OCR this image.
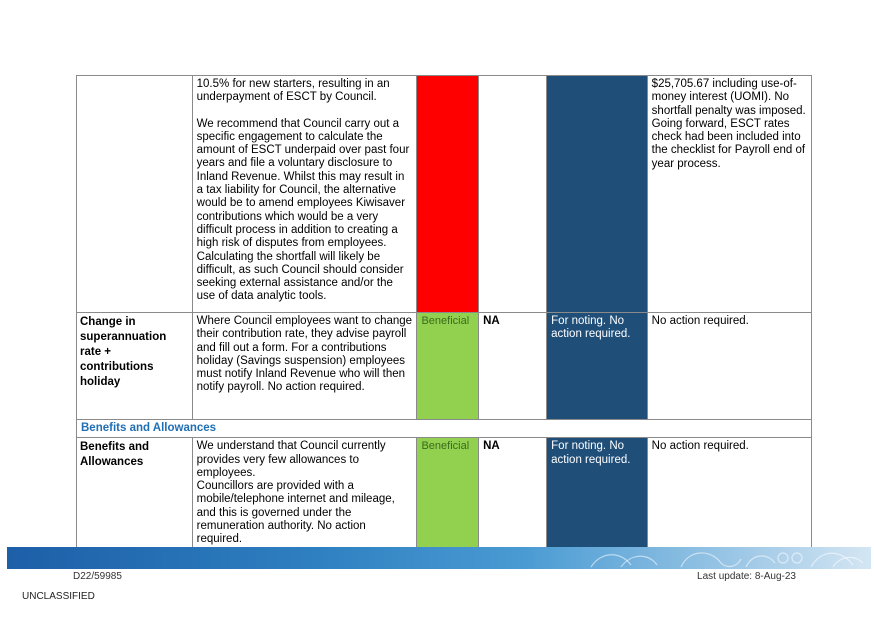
	10.5% for new starters, resulting in an underpayment of ESCT by Council.

We recommend that Council carry out a specific engagement to calculate the amount of ESCT underpaid over past four years and file a voluntary disclosure to Inland Revenue. Whilst this may result in a tax liability for Council, the alternative would be to amend employees Kiwisaver contributions which would be a very difficult process in addition to creating a high risk of disputes from employees. Calculating the shortfall will likely be difficult, as such Council should consider seeking external assistance and/or the use of data analytic tools.				$25,705.67 including use-of-money interest (UOMI). No shortfall penalty was imposed. Going forward, ESCT rates check had been included into the checklist for Payroll end of year process.
Change in superannuation rate + contributions holiday	Where Council employees want to change their contribution rate, they advise payroll and fill out a form. For a contributions holiday (Savings suspension) employees must notify Inland Revenue who will then notify payroll. No action required.	Beneficial	NA	For noting. No action required.	No action required.
Benefits and Allowances					
Benefits and Allowances	We understand that Council currently provides very few allowances to employees.
Councillors are provided with a mobile/telephone internet and mileage, and this is governed under the remuneration authority. No action required.	Beneficial	NA	For noting. No action required.	No action required.
D22/59985	Last update: 8-Aug-23
UNCLASSIFIED
